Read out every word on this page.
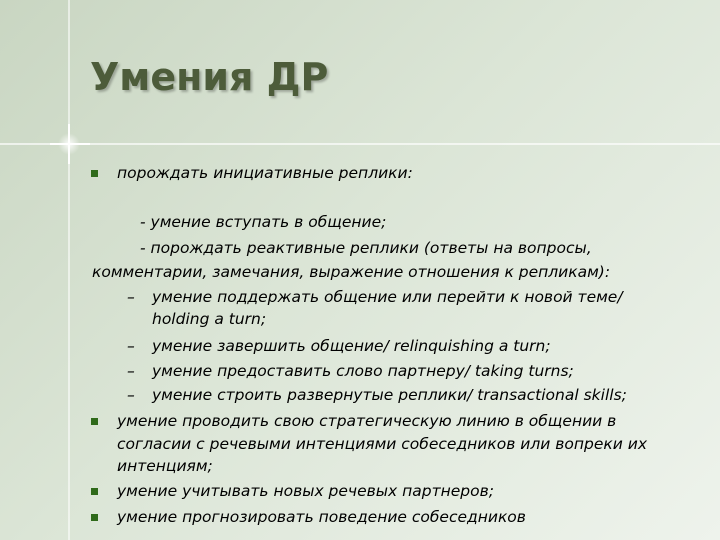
Умения ДР
порождать инициативные реплики:
- умение вступать в общение;
- порождать реактивные реплики (ответы на вопросы,
комментарии, замечания, выражение отношения к репликам):
– умение поддержать общение или перейти к новой теме/
holding a turn;
– умение завершить общение/ relinquishing a turn;
– умение предоставить слово партнеру/ taking turns;
– умение строить развернутые реплики/ transactional skills;
умение проводить свою стратегическую линию в общении в
согласии с речевыми интенциями собеседников или вопреки их
интенциям;
умение учитывать новых речевых партнеров;
умение прогнозировать поведение собеседников
